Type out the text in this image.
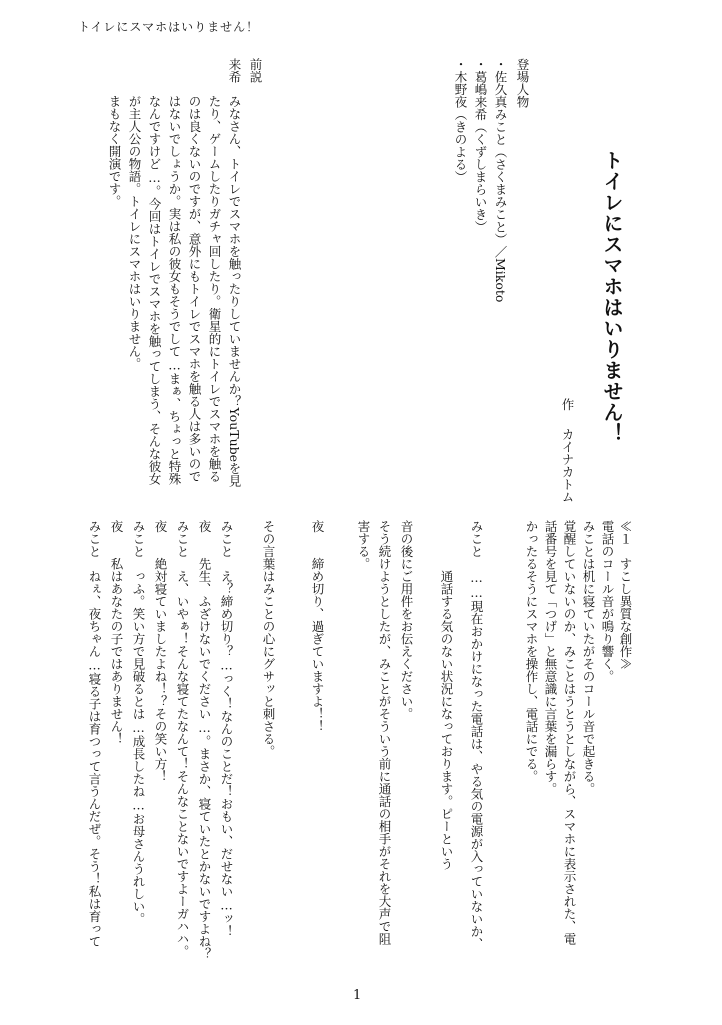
トイレにスマホはいりません！
トイレにスマホはいりません！
作
カイナカトム
登場人物
・佐久真みこと（さくまみこと）／Mikoto
・葛嶋来希（くずしまらいき）
・木野夜（きのよる）
前説
来希
みなさん、トイレでスマホを触ったりしていませんか？YouTubeを見
たり、ゲームしたりガチャ回したり。衛星的にトイレでスマホを触る
のは良くないのですが、意外にもトイレでスマホを触る人は多いので
はないでしょうか。実は私の彼女もそうでして…まぁ、ちょっと特殊
なんですけど…。今回はトイレでスマホを触ってしまう、そんな彼女
が主人公の物語。トイレにスマホはいりません。
まもなく開演です。
≪１　すこし異質な創作≫
電話のコール音が鳴り響く。
みことは机に寝ていたがそのコール音で起きる。
覚醒していないのか、みことはうとうとしながら、スマホに表示された、電
話番号を見て「つげ」と無意識に言葉を漏らす。
かったるそうにスマホを操作し、電話にでる。
みこと　……現在おかけになった電話は、やる気の電源が入っていないか、
　　　　通話する気のない状況になっております。ピーという
音の後にご用件をお伝えください。
そう続けようとしたが、みことがそういう前に通話の相手がそれを大声で阻
害する。
夜　　締め切り、過ぎていますよ！！
その言葉はみことの心にグサッと刺さる。
みこと　え？締め切り？…っく！なんのことだ！おもい、だせない…ッ！
夜　　先生、ふざけないでください…。まさか、寝ていたとかないですよね？
みこと　え、いやぁ！そんな寝てたなんて！そんなことないですよーガハハ。
夜　　絶対寝ていましたよね！？その笑い方！
みこと　っふ。笑い方で見破るとは…成長したね…お母さんうれしい。
夜　　私はあなたの子ではありません！
みこと　ねぇ、夜ちゃん…寝る子は育つって言うんだぜ。そう！私は育って
1
